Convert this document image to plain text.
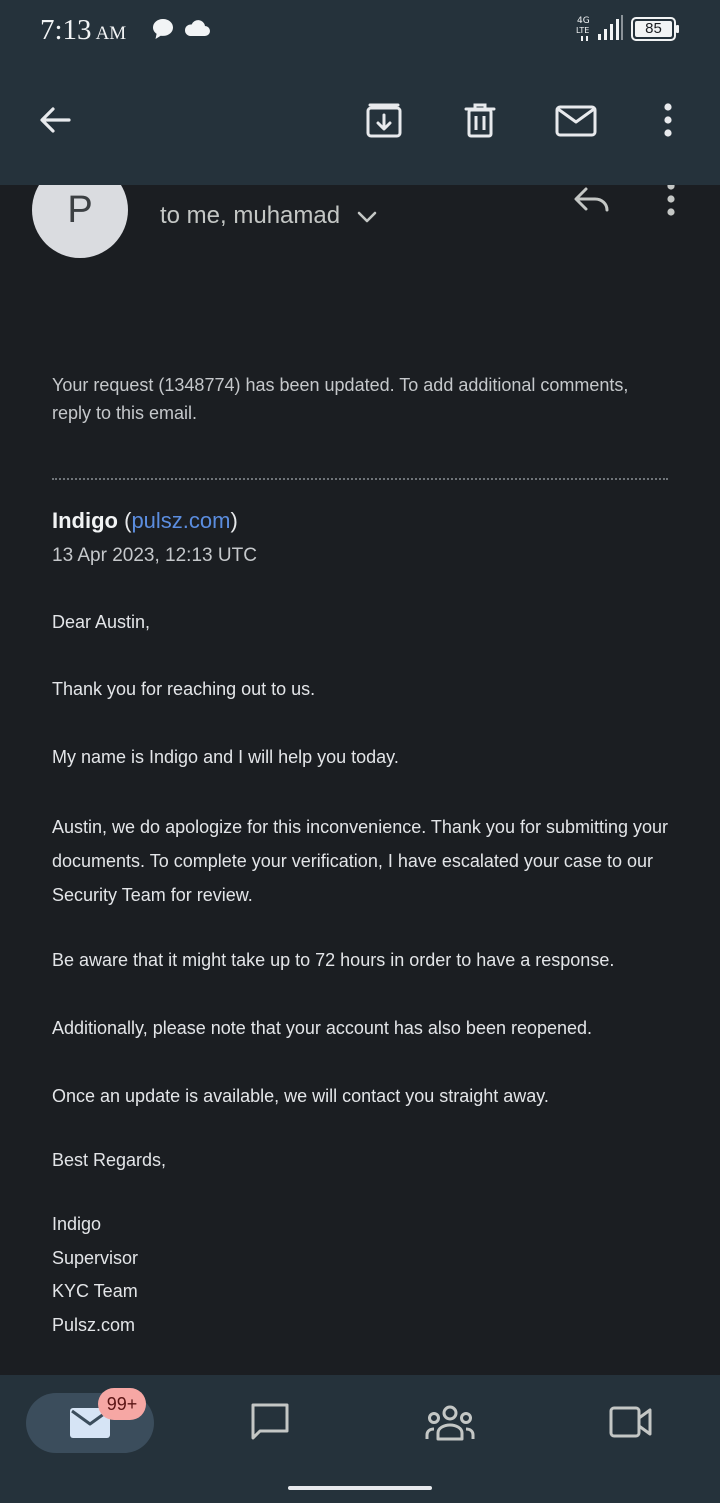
7:13 AM
4G
LTE	85
P	to me, muhamad
Your request (1348774) has been updated. To add additional comments, reply to this email.
Indigo (pulsz.com)
13 Apr 2023, 12:13 UTC
Dear Austin,
Thank you for reaching out to us.
My name is Indigo and I will help you today.
Austin, we do apologize for this inconvenience. Thank you for submitting your documents. To complete your verification, I have escalated your case to our Security Team for review.
Be aware that it might take up to 72 hours in order to have a response.
Additionally, please note that your account has also been reopened.
Once an update is available, we will contact you straight away.
Best Regards,
Indigo
Supervisor
KYC Team
Pulsz.com
99+
